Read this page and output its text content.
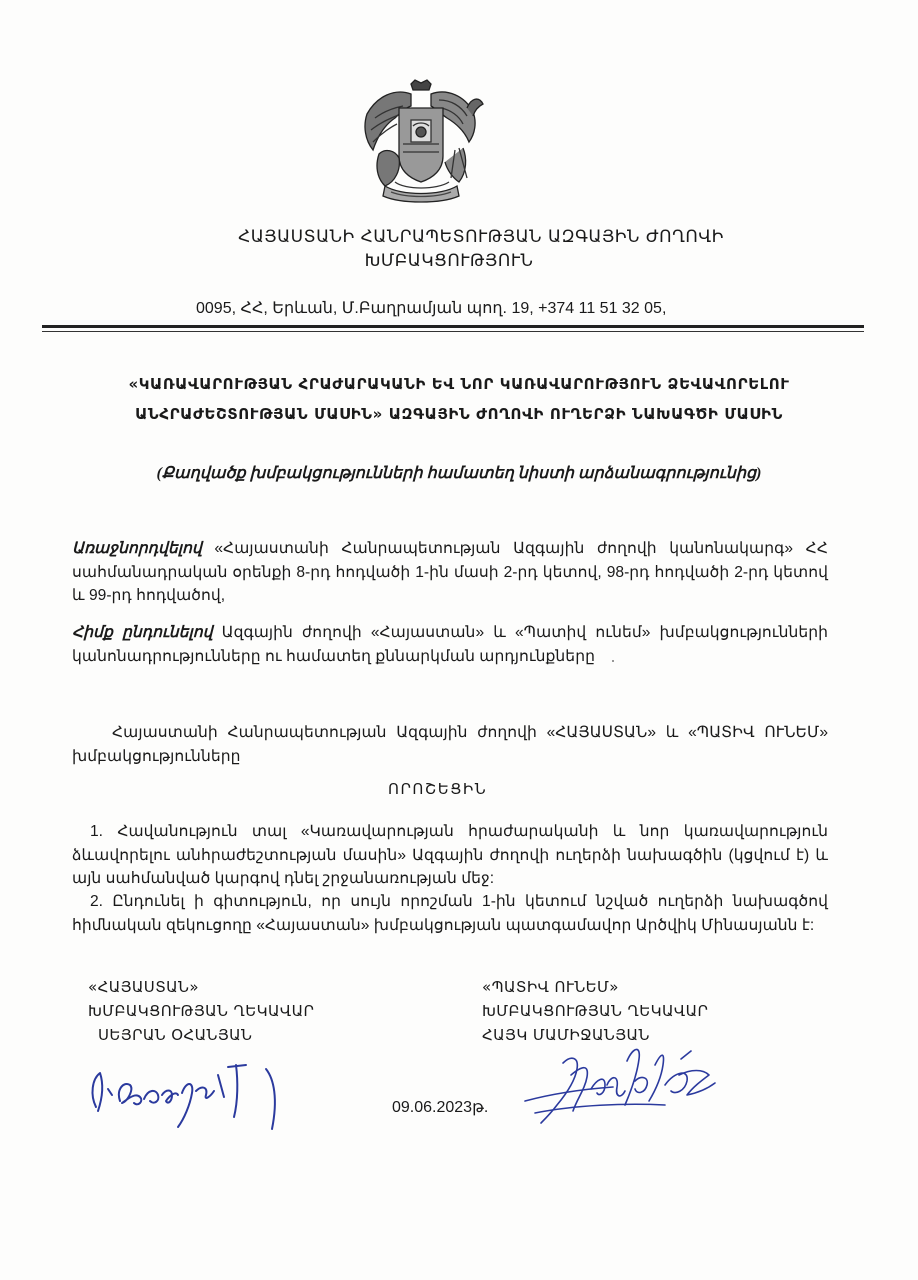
ՀԱՅԱՍՏԱՆԻ ՀԱՆՐԱՊԵՏՈՒԹՅԱՆ ԱԶԳԱՅԻՆ ԺՈՂՈՎԻ
ԽՄԲԱԿՑՈՒԹՅՈՒՆ
0095, ՀՀ, Երևան, Մ.Բաղրամյան պող. 19, +374 11 51 32 05,
«ԿԱՌԱՎԱՐՈՒԹՅԱՆ ՀՐԱԺԱՐԱԿԱՆԻ ԵՎ ՆՈՐ ԿԱՌԱՎԱՐՈՒԹՅՈՒՆ ՁԵՎԱՎՈՐԵԼՈՒ
ԱՆՀՐԱԺԵՇՏՈՒԹՅԱՆ ՄԱՍԻՆ» ԱԶԳԱՅԻՆ ԺՈՂՈՎԻ ՈՒՂԵՐՁԻ ՆԱԽԱԳԾԻ ՄԱՍԻՆ
(Քաղվածք խմբակցությունների համատեղ նիստի արձանագրությունից)
Առաջնորդվելով «Հայաստանի Հանրապետության Ազգային ժողովի կանոնակարգ» ՀՀ սահմանադրական օրենքի 8-րդ հոդվածի 1-ին մասի 2-րդ կետով, 98-րդ հոդվածի 2-րդ կետով և 99-րդ հոդվածով,
Հիմք ընդունելով Ազգային ժողովի «Հայաստան» և «Պատիվ ունեմ» խմբակցությունների կանոնադրությունները ու համատեղ քննարկման արդյունքները
Հայաստանի Հանրապետության Ազգային ժողովի «ՀԱՅԱՍՏԱՆ» և «ՊԱՏԻՎ ՈՒՆԵՄ» խմբակցությունները
ՈՐՈՇԵՑԻՆ
1. Հավանություն տալ «Կառավարության հրաժարականի և նոր կառավարություն ձևավորելու անհրաժեշտության մասին» Ազգային ժողովի ուղերձի նախագծին (կցվում է) և այն սահմանված կարգով դնել շրջանառության մեջ:
2. Ընդունել ի գիտություն, որ սույն որոշման 1-ին կետում նշված ուղերձի նախագծով հիմնական զեկուցողը «Հայաստան» խմբակցության պատգամավոր Արծվիկ Մինասյանն է:
«ՀԱՅԱՍՏԱՆ»
ԽՄԲԱԿՑՈՒԹՅԱՆ ՂԵԿԱՎԱՐ
ՍԵՅՐԱՆ ՕՀԱՆՅԱՆ
«ՊԱՏԻՎ ՈՒՆԵՄ»
ԽՄԲԱԿՑՈՒԹՅԱՆ ՂԵԿԱՎԱՐ
ՀԱՅԿ ՄԱՄԻՋԱՆՅԱՆ
09.06.2023թ.
